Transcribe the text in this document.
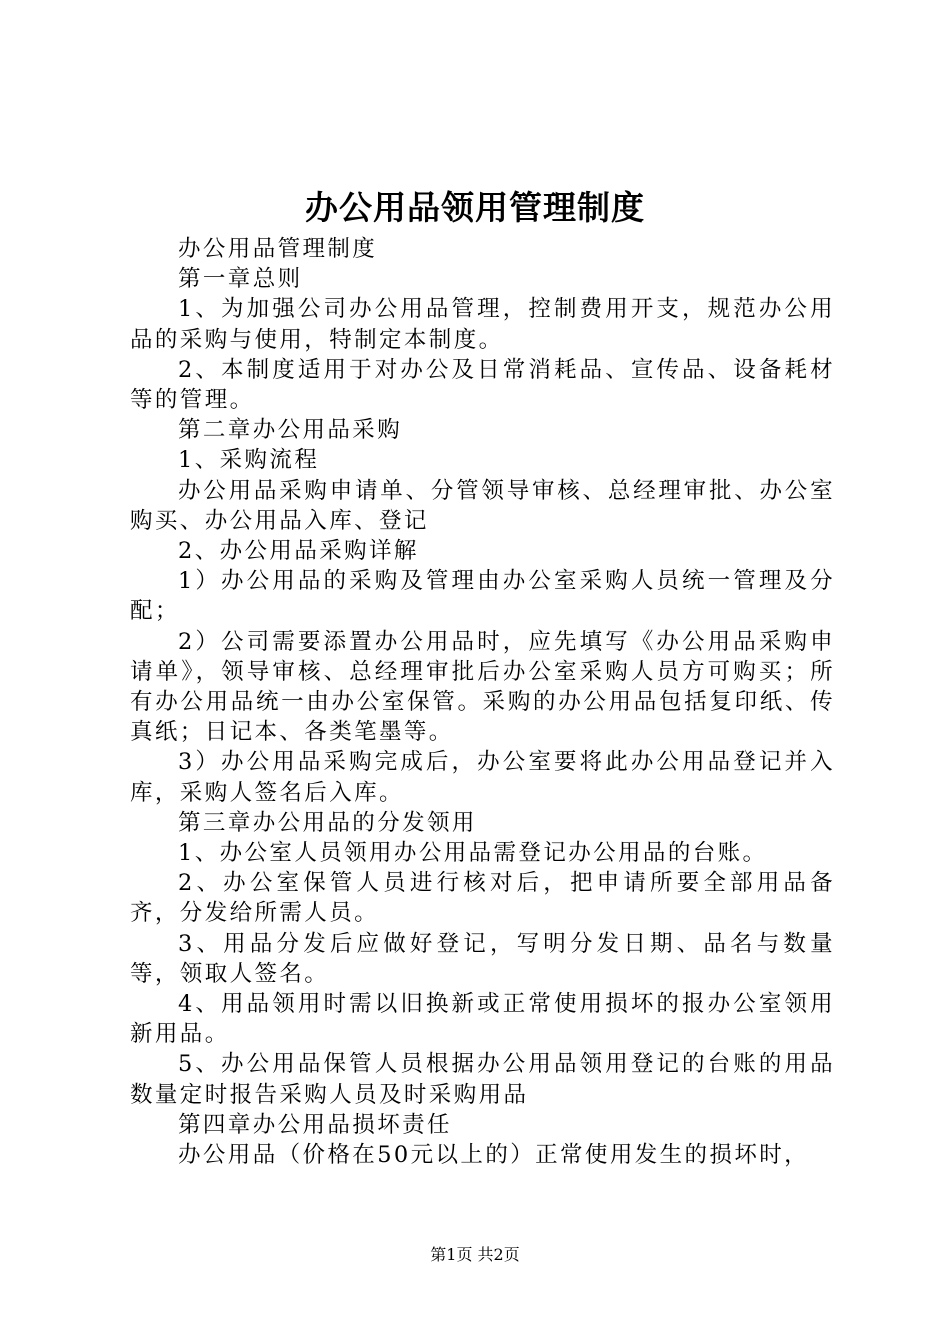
办公用品领用管理制度

办公用品管理制度

第一章总则

1、为加强公司办公用品管理，控制费用开支，规范办公用品的采购与使用，特制定本制度。

2、本制度适用于对办公及日常消耗品、宣传品、设备耗材等的管理。

第二章办公用品采购

1、采购流程

办公用品采购申请单、分管领导审核、总经理审批、办公室购买、办公用品入库、登记

2、办公用品采购详解

1）办公用品的采购及管理由办公室采购人员统一管理及分配；

2）公司需要添置办公用品时，应先填写《办公用品采购申请单》，领导审核、总经理审批后办公室采购人员方可购买；所有办公用品统一由办公室保管。采购的办公用品包括复印纸、传真纸；日记本、各类笔墨等。

3）办公用品采购完成后，办公室要将此办公用品登记并入库，采购人签名后入库。

第三章办公用品的分发领用

1、办公室人员领用办公用品需登记办公用品的台账。

2、办公室保管人员进行核对后，把申请所要全部用品备齐，分发给所需人员。

3、用品分发后应做好登记，写明分发日期、品名与数量等，领取人签名。

4、用品领用时需以旧换新或正常使用损坏的报办公室领用新用品。

5、办公用品保管人员根据办公用品领用登记的台账的用品数量定时报告采购人员及时采购用品

第四章办公用品损坏责任

办公用品（价格在50元以上的）正常使用发生的损坏时，

第1页 共2页
